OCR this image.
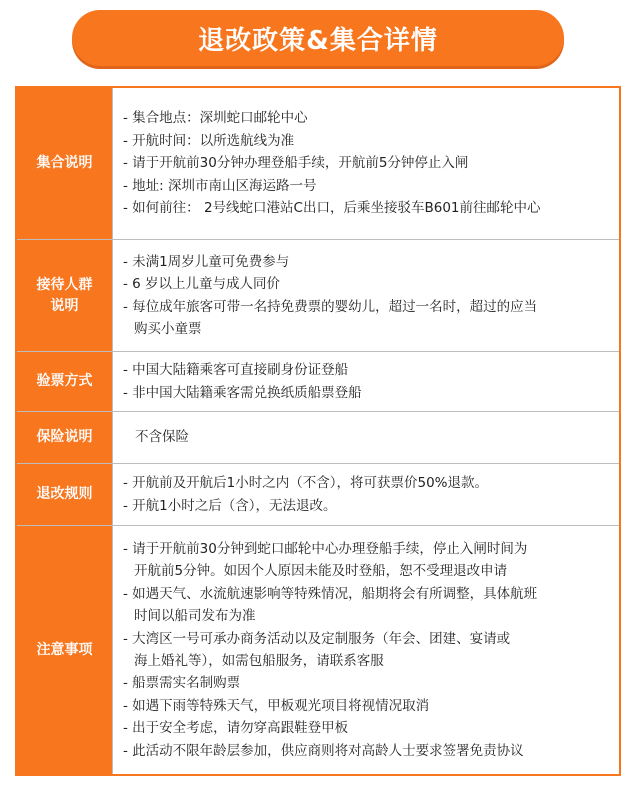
退改政策&集合详情
集合说明
- 集合地点：深圳蛇口邮轮中心
- 开航时间：以所选航线为准
- 请于开航前30分钟办理登船手续，开航前5分钟停止入闸
- 地址: 深圳市南山区海运路一号
- 如何前往： 2号线蛇口港站C出口，后乘坐接驳车B601前往邮轮中心
接待人群
说明
- 未满1周岁儿童可免费参与
- 6 岁以上儿童与成人同价
- 每位成年旅客可带一名持免费票的婴幼儿，超过一名时，超过的应当
购买小童票
验票方式
- 中国大陆籍乘客可直接刷身份证登船
- 非中国大陆籍乘客需兑换纸质船票登船
保险说明	不含保险
退改规则
- 开航前及开航后1小时之内（不含），将可获票价50%退款。
- 开航1小时之后（含），无法退改。
注意事项
- 请于开航前30分钟到蛇口邮轮中心办理登船手续，停止入闸时间为
开航前5分钟。如因个人原因未能及时登船，恕不受理退改申请
- 如遇天气、水流航速影响等特殊情况，船期将会有所调整，具体航班
时间以船司发布为准
- 大湾区一号可承办商务活动以及定制服务（年会、团建、宴请或
海上婚礼等），如需包船服务，请联系客服
- 船票需实名制购票
- 如遇下雨等特殊天气，甲板观光项目将视情况取消
- 出于安全考虑，请勿穿高跟鞋登甲板
- 此活动不限年龄层参加，供应商则将对高龄人士要求签署免责协议
